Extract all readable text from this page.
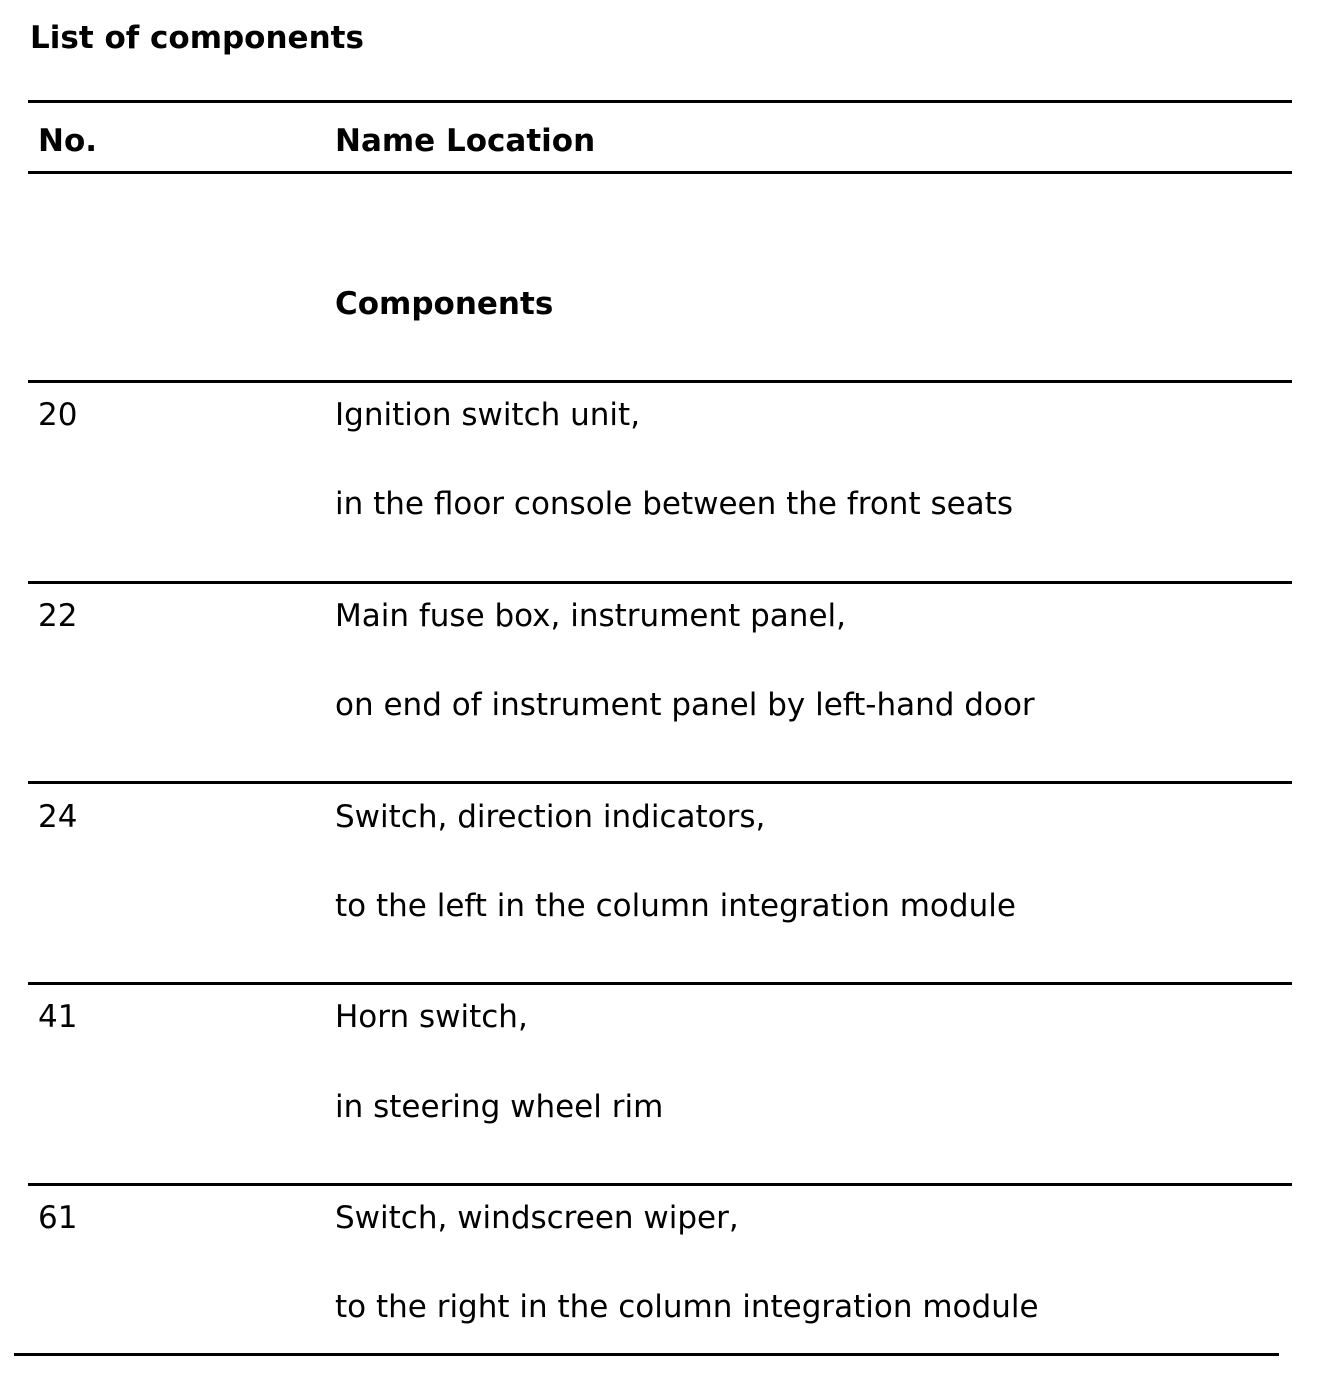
List of components
No.	Name Location
Components
20	Ignition switch unit,
in the floor console between the front seats
22	Main fuse box, instrument panel,
on end of instrument panel by left-hand door
24	Switch, direction indicators,
to the left in the column integration module
41	Horn switch,
in steering wheel rim
61	Switch, windscreen wiper,
to the right in the column integration module
